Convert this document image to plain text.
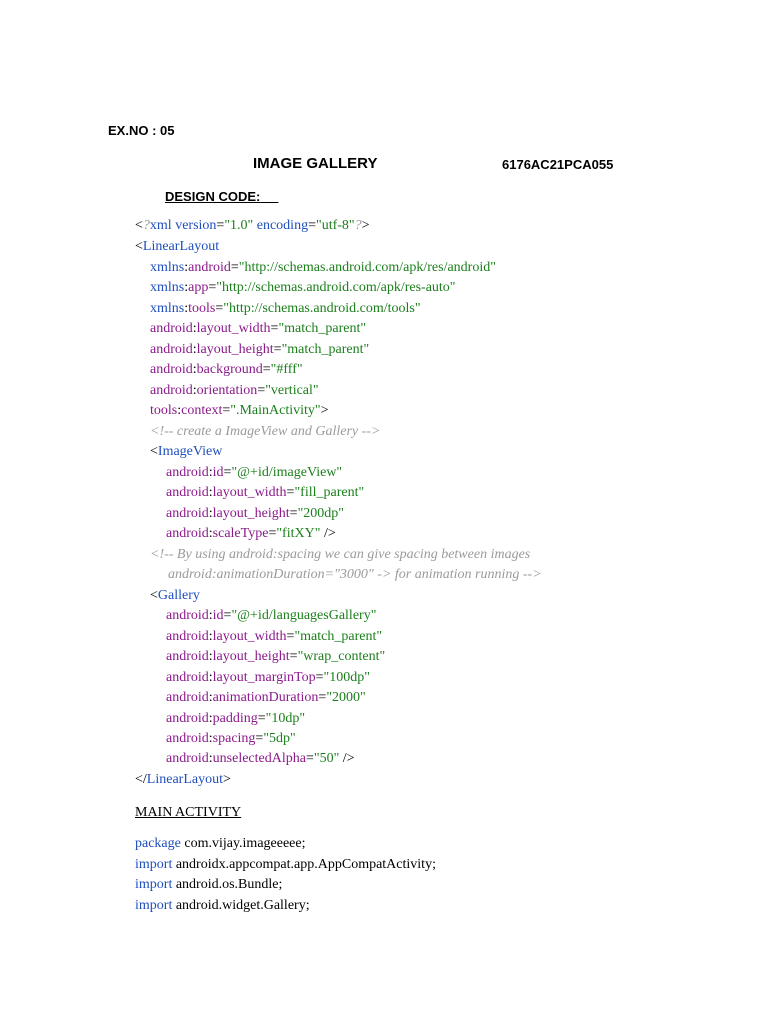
EX.NO : 05
IMAGE GALLERY	6176AC21PCA055
DESIGN CODE:
<?xml version="1.0" encoding="utf-8"?>
<LinearLayout
xmlns:android="http://schemas.android.com/apk/res/android"
xmlns:app="http://schemas.android.com/apk/res-auto"
xmlns:tools="http://schemas.android.com/tools"
android:layout_width="match_parent"
android:layout_height="match_parent"
android:background="#fff"
android:orientation="vertical"
tools:context=".MainActivity">
<!-- create a ImageView and Gallery -->
<ImageView
android:id="@+id/imageView"
android:layout_width="fill_parent"
android:layout_height="200dp"
android:scaleType="fitXY" />
<!-- By using android:spacing we can give spacing between images
android:animationDuration="3000" -> for animation running -->
<Gallery
android:id="@+id/languagesGallery"
android:layout_width="match_parent"
android:layout_height="wrap_content"
android:layout_marginTop="100dp"
android:animationDuration="2000"
android:padding="10dp"
android:spacing="5dp"
android:unselectedAlpha="50" />
</LinearLayout>
MAIN ACTIVITY
package com.vijay.imageeeee;
import androidx.appcompat.app.AppCompatActivity;
import android.os.Bundle;
import android.widget.Gallery;
